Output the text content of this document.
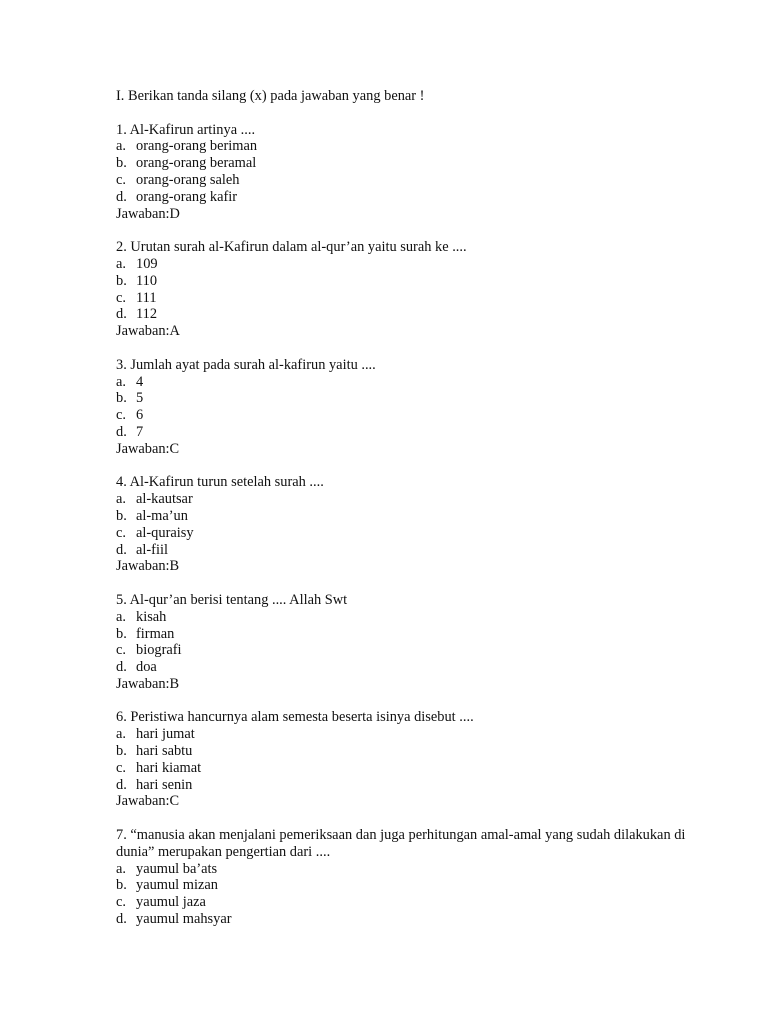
I. Berikan tanda silang (x) pada jawaban yang benar !
1. Al-Kafirun artinya ....
a. orang-orang beriman
b. orang-orang beramal
c. orang-orang saleh
d. orang-orang kafir
Jawaban:D
2. Urutan surah al-Kafirun dalam al-qur’an yaitu surah ke ....
a. 109
b. 110
c. 111
d. 112
Jawaban:A
3. Jumlah ayat pada surah al-kafirun yaitu ....
a. 4
b. 5
c. 6
d. 7
Jawaban:C
4. Al-Kafirun turun setelah surah ....
a. al-kautsar
b. al-ma’un
c. al-quraisy
d. al-fiil
Jawaban:B
5. Al-qur’an berisi tentang .... Allah Swt
a. kisah
b. firman
c. biografi
d. doa
Jawaban:B
6. Peristiwa hancurnya alam semesta beserta isinya disebut ....
a. hari jumat
b. hari sabtu
c. hari kiamat
d. hari senin
Jawaban:C
7. “manusia akan menjalani pemeriksaan dan juga perhitungan amal-amal yang sudah dilakukan di dunia” merupakan pengertian dari ....
a. yaumul ba’ats
b. yaumul mizan
c. yaumul jaza
d. yaumul mahsyar
